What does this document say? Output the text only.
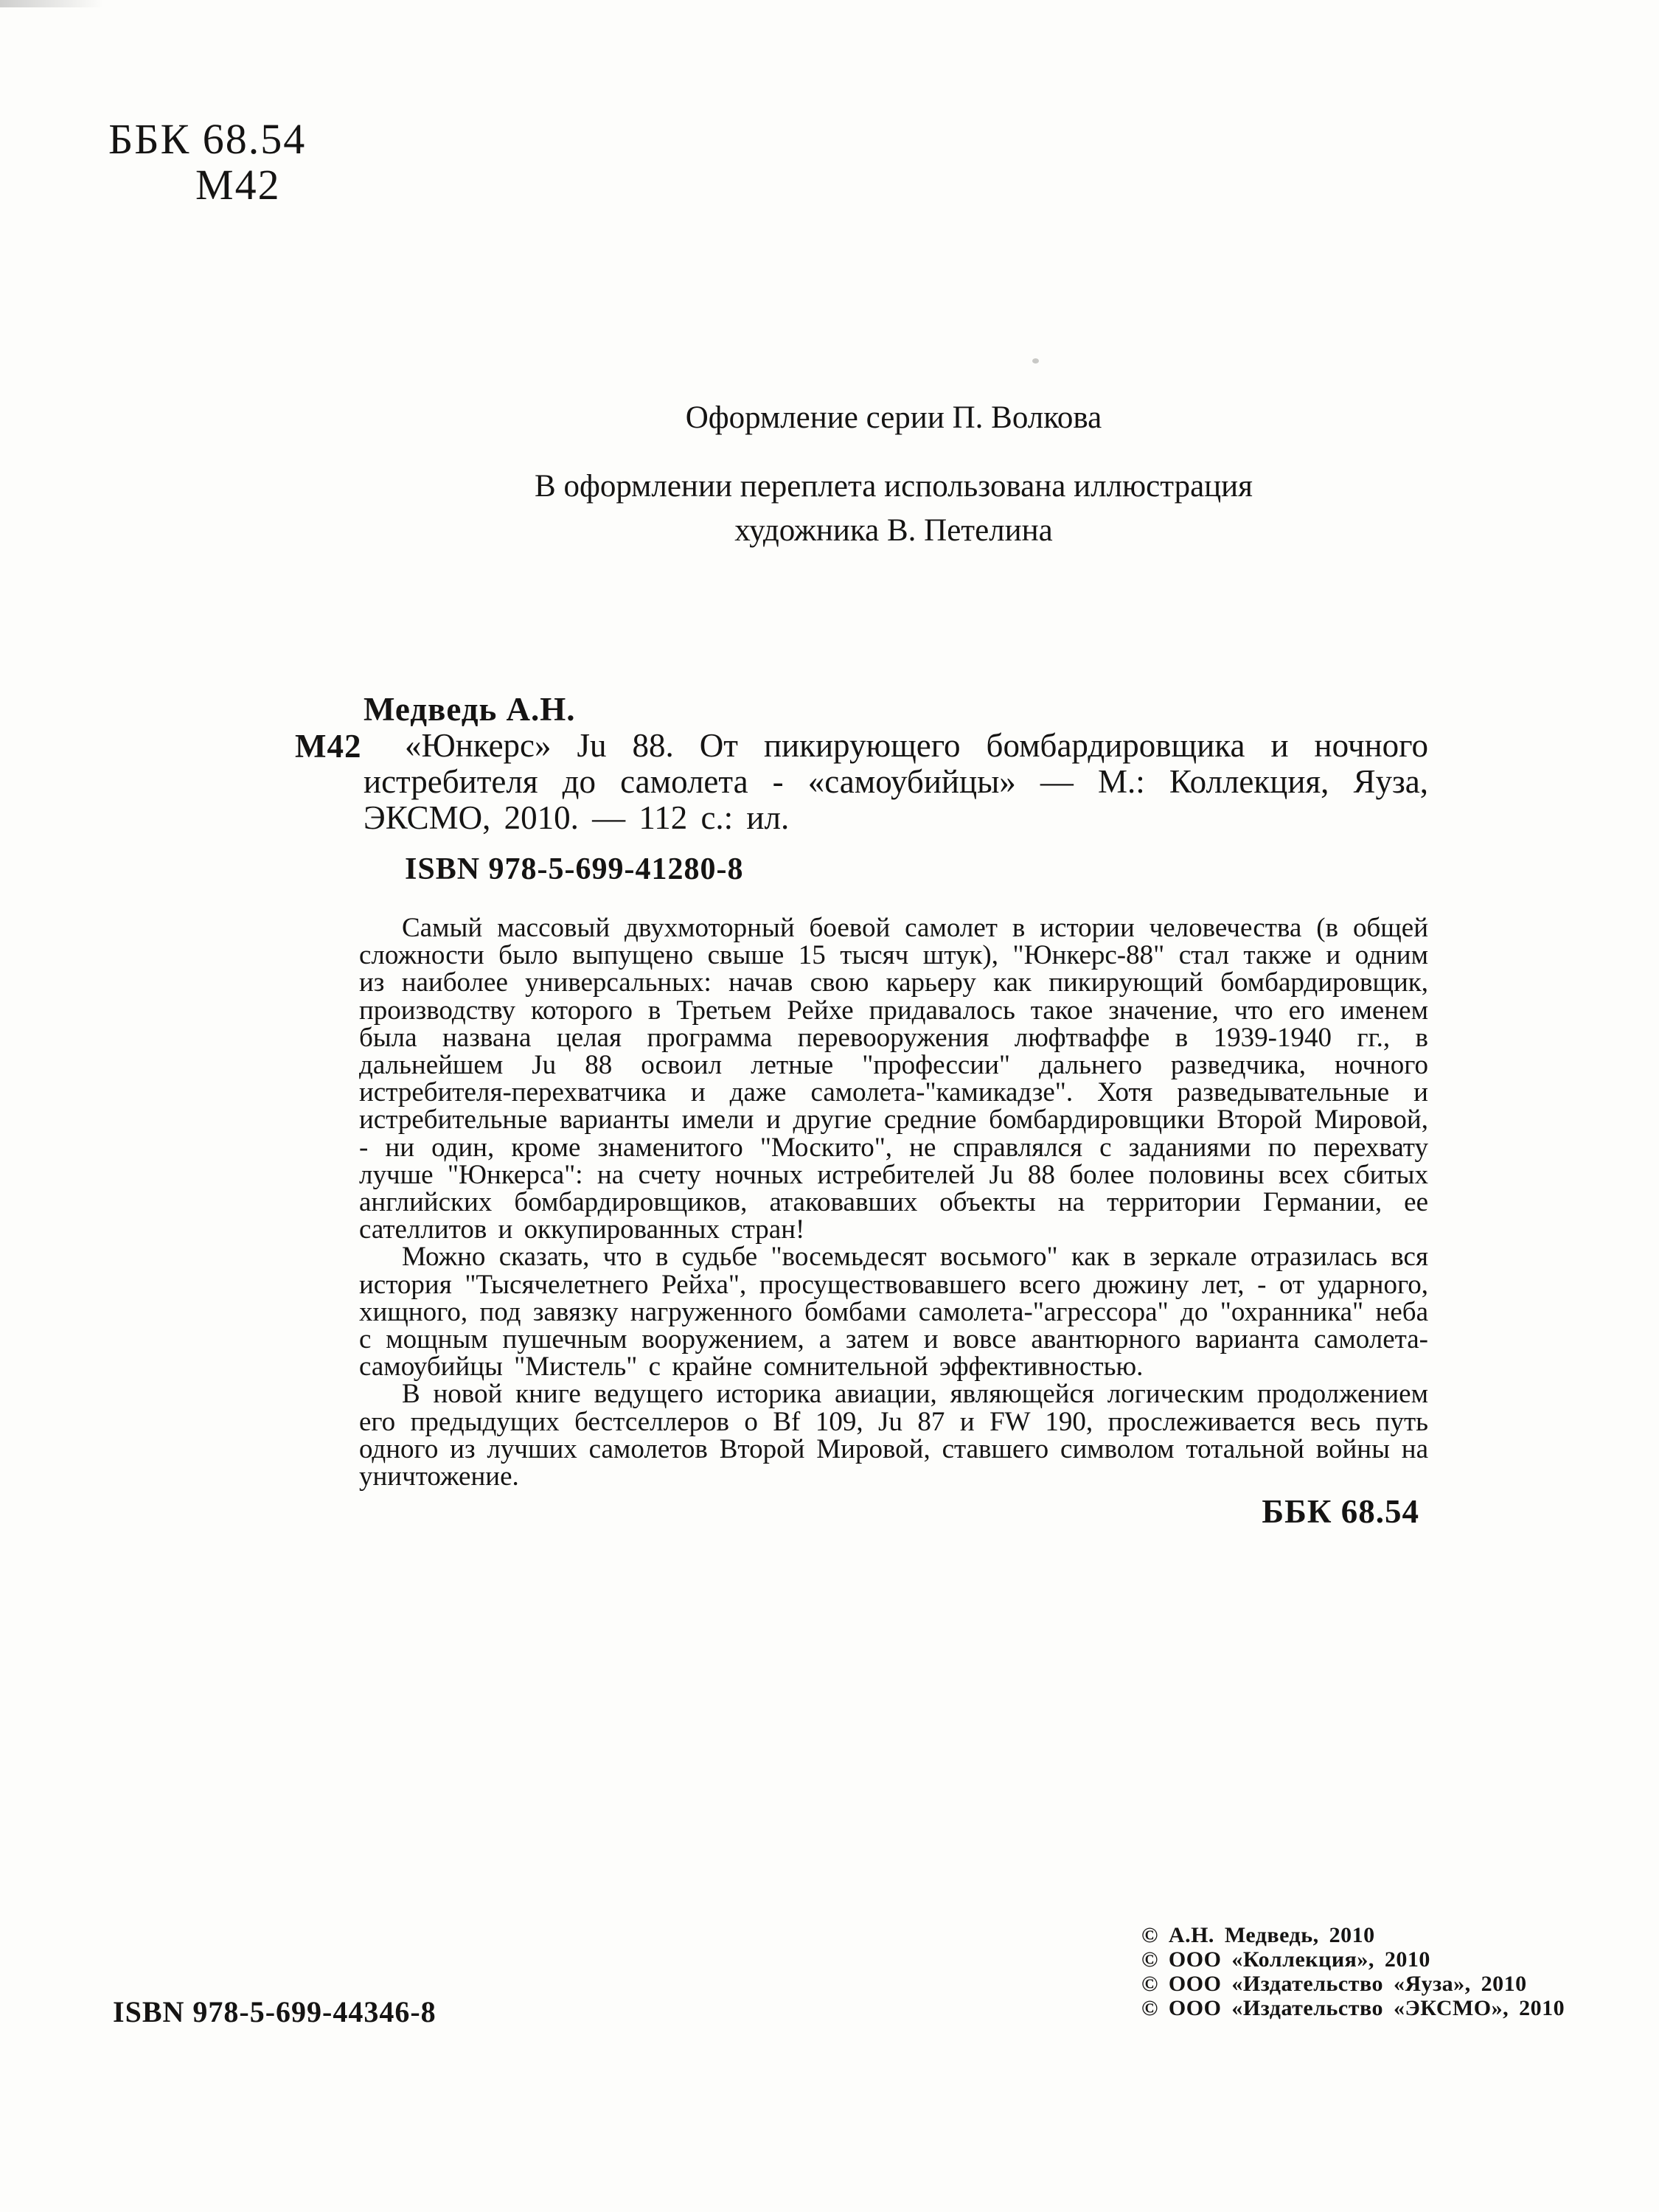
ББК 68.54
М42
Оформление серии П. Волкова
В оформлении переплета использована иллюстрация
художника В. Петелина
Медведь А.Н.
М42	«Юнкерс» Ju 88. От пикирующего бомбардировщика и ночного истребителя до самолета - «самоубийцы» — М.: Коллекция, Яуза, ЭКСМО, 2010. — 112 с.: ил.

ISBN 978-5-699-41280-8

Самый массовый двухмоторный боевой самолет в истории человечества (в общей сложности было выпущено свыше 15 тысяч штук), "Юнкерс-88" стал также и одним из наиболее универсальных: начав свою карьеру как пикирующий бомбардировщик, производству которого в Третьем Рейхе придавалось такое значение, что его именем была названа целая программа перевооружения люфтваффе в 1939-1940 гг., в дальнейшем Ju 88 освоил летные "профессии" дальнего разведчика, ночного истребителя-перехватчика и даже самолета-"камикадзе". Хотя разведывательные и истребительные варианты имели и другие средние бомбардировщики Второй Мировой, - ни один, кроме знаменитого "Москито", не справлялся с заданиями по перехвату лучше "Юнкерса": на счету ночных истребителей Ju 88 более половины всех сбитых английских бомбардировщиков, атаковавших объекты на территории Германии, ее сателлитов и оккупированных стран!

Можно сказать, что в судьбе "восемьдесят восьмого" как в зеркале отразилась вся история "Тысячелетнего Рейха", просуществовавшего всего дюжину лет, - от ударного, хищного, под завязку нагруженного бомбами самолета-"агрессора" до "охранника" неба с мощным пушечным вооружением, а затем и вовсе авантюрного варианта самолета-самоубийцы "Мистель" с крайне сомнительной эффективностью.

В новой книге ведущего историка авиации, являющейся логическим продолжением его предыдущих бестселлеров о Bf 109, Ju 87 и FW 190, прослеживается весь путь одного из лучших самолетов Второй Мировой, ставшего символом тотальной войны на уничтожение.

ББК 68.54
ISBN 978-5-699-44346-8
© А.Н. Медведь, 2010
© ООО «Коллекция», 2010
© ООО «Издательство «Яуза», 2010
© ООО «Издательство «ЭКСМО», 2010
